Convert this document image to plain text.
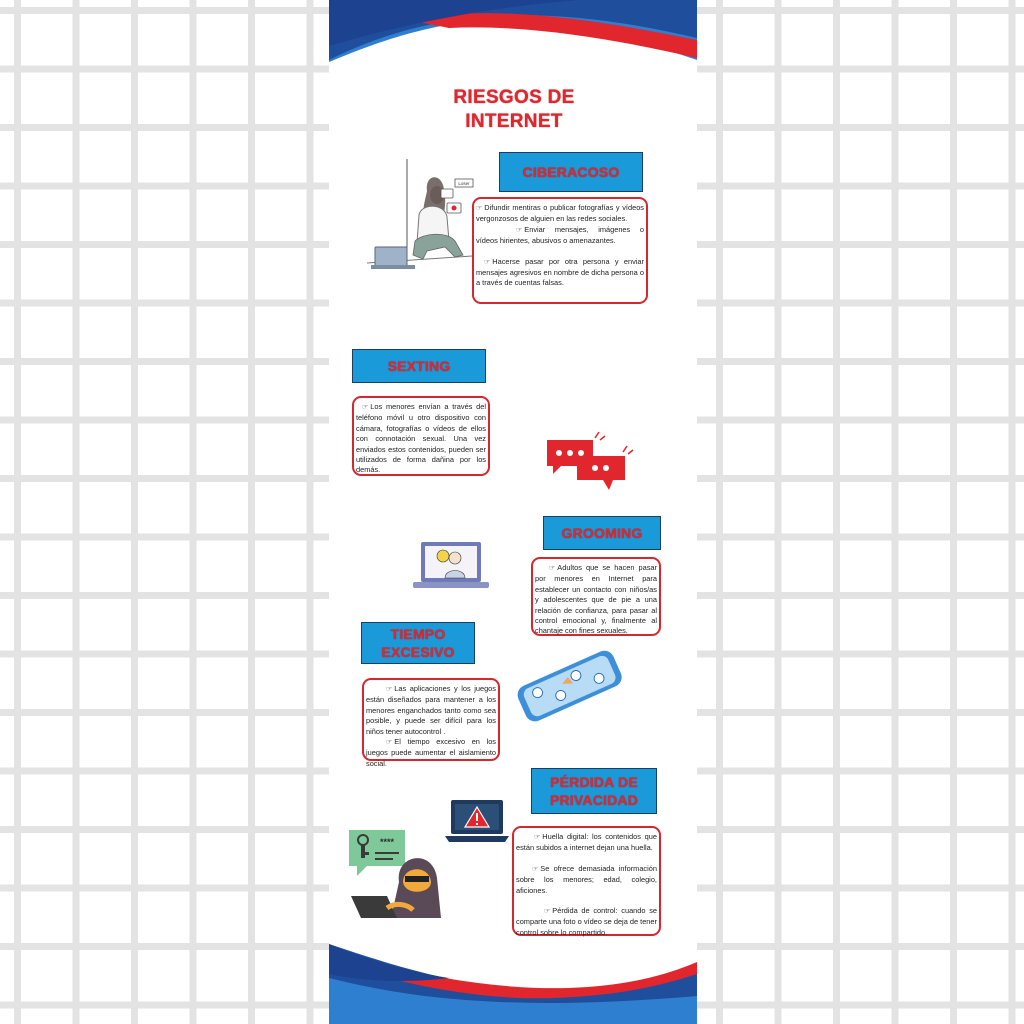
RIESGOS DE
INTERNET
Loser
CIBERACOSO

☞ Difundir mentiras o publicar fotografías y vídeos vergonzosos de alguien en las redes sociales.

☞ Enviar mensajes, imágenes o vídeos hirientes, abusivos o amenazantes.

☞ Hacerse pasar por otra persona y enviar mensajes agresivos en nombre de dicha persona o a través de cuentas falsas.

SEXTING

☞ Los menores envían a través del teléfono móvil u otro dispositivo con cámara, fotografías o vídeos de ellos con connotación sexual. Una vez enviados estos contenidos, pueden ser utilizados de forma dañina por los demás.

GROOMING

☞ Adultos que se hacen pasar por menores en Internet para establecer un contacto con niños/as y adolescentes que de pie a una relación de confianza, para pasar al control emocional y, finalmente al chantaje con fines sexuales.

TIEMPO
EXCESIVO

☞ Las aplicaciones y los juegos están diseñados para mantener a los menores enganchados tanto como sea posible, y puede ser difícil para los niños tener autocontrol .

☞ El tiempo excesivo en los juegos puede aumentar el aislamiento social.

PÉRDIDA DE
PRIVACIDAD
****	☞ Huella digital: los contenidos que están subidos a internet dejan una huella.

☞ Se ofrece demasiada información sobre los menores; edad, colegio, aficiones.

☞ Pérdida de control: cuando se comparte una foto o vídeo se deja de tener control sobre lo compartido.
